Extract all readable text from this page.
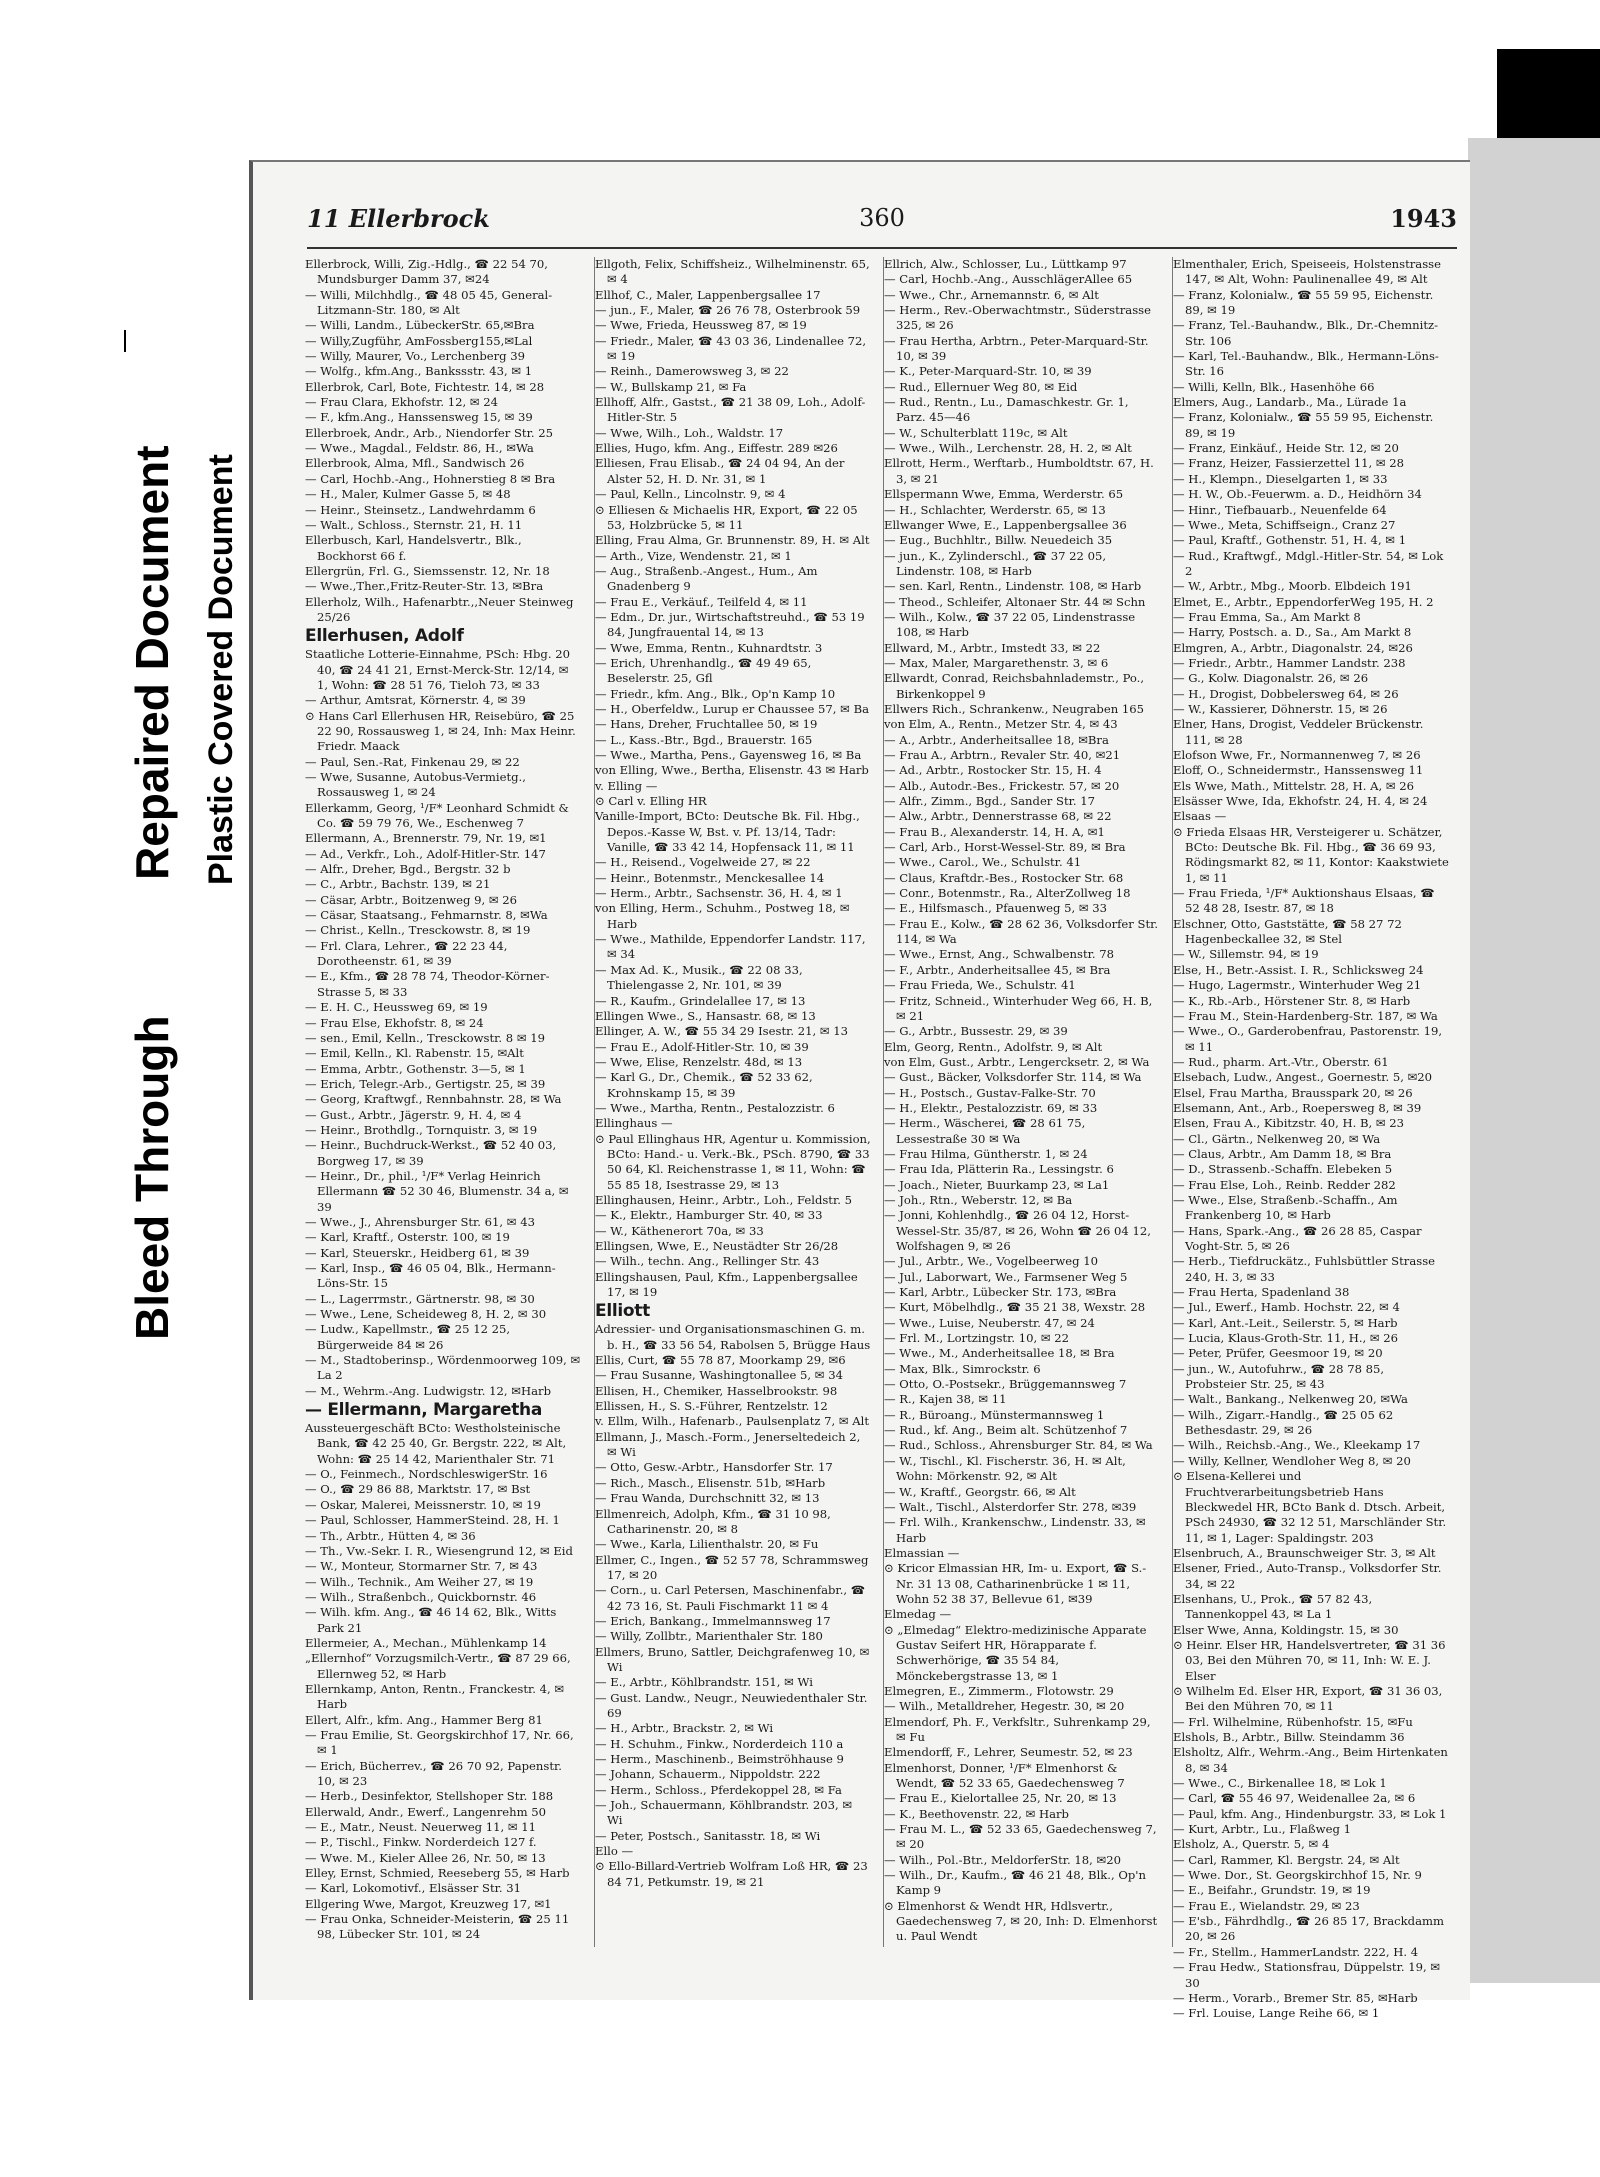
Bleed Through
Repaired Document Plastic Covered Document
11 Ellerbrock	360	1943

Ellerbrock, Willi, Zig.-Hdlg., ☎ 22 54 70, Mundsburger Damm 37, ✉24

— Willi, Milchhdlg., ☎ 48 05 45, General-Litzmann-Str. 180, ✉ Alt

— Willi, Landm., LübeckerStr. 65,✉Bra

— Willy,Zugführ, AmFossberg155,✉Lal

— Willy, Maurer, Vo., Lerchenberg 39

— Wolfg., kfm.Ang., Bankssstr. 43, ✉ 1

Ellerbrok, Carl, Bote, Fichtestr. 14, ✉ 28

— Frau Clara, Ekhofstr. 12, ✉ 24

— F., kfm.Ang., Hanssensweg 15, ✉ 39

Ellerbroek, Andr., Arb., Niendorfer Str. 25

— Wwe., Magdal., Feldstr. 86, H., ✉Wa

Ellerbrook, Alma, Mfl., Sandwisch 26

— Carl, Hochb.-Ang., Hohnerstieg 8 ✉ Bra

— H., Maler, Kulmer Gasse 5, ✉ 48

— Heinr., Steinsetz., Landwehrdamm 6

— Walt., Schloss., Sternstr. 21, H. 11

Ellerbusch, Karl, Handelsvertr., Blk., Bockhorst 66 f.

Ellergrün, Frl. G., Siemssenstr. 12, Nr. 18

— Wwe.,Ther.,Fritz-Reuter-Str. 13, ✉Bra

Ellerholz, Wilh., Hafenarbtr.,,Neuer Steinweg 25/26

Ellerhusen, Adolf

Staatliche Lotterie-Einnahme, PSch: Hbg. 20 40, ☎ 24 41 21, Ernst-Merck-Str. 12/14, ✉ 1, Wohn: ☎ 28 51 76, Tieloh 73, ✉ 33

— Arthur, Amtsrat, Körnerstr. 4, ✉ 39

⊙ Hans Carl Ellerhusen HR, Reisebüro, ☎ 25 22 90, Rossausweg 1, ✉ 24, Inh: Max Heinr. Friedr. Maack

— Paul, Sen.-Rat, Finkenau 29, ✉ 22

— Wwe, Susanne, Autobus-Vermietg., Rossausweg 1, ✉ 24

Ellerkamm, Georg, ¹/F* Leonhard Schmidt & Co. ☎ 59 79 76, We., Eschenweg 7

Ellermann, A., Brennerstr. 79, Nr. 19, ✉1

— Ad., Verkfr., Loh., Adolf-Hitler-Str. 147

— Alfr., Dreher, Bgd., Bergstr. 32 b

— C., Arbtr., Bachstr. 139, ✉ 21

— Cäsar, Arbtr., Boitzenweg 9, ✉ 26

— Cäsar, Staatsang., Fehmarnstr. 8, ✉Wa

— Christ., Kelln., Tresckowstr. 8, ✉ 19

— Frl. Clara, Lehrer., ☎ 22 23 44, Dorotheenstr. 61, ✉ 39

— E., Kfm., ☎ 28 78 74, Theodor-Körner-Strasse 5, ✉ 33

— E. H. C., Heussweg 69, ✉ 19

— Frau Else, Ekhofstr. 8, ✉ 24

— sen., Emil, Kelln., Tresckowstr. 8 ✉ 19

— Emil, Kelln., Kl. Rabenstr. 15, ✉Alt

— Emma, Arbtr., Gothenstr. 3—5, ✉ 1

— Erich, Telegr.-Arb., Gertigstr. 25, ✉ 39

— Georg, Kraftwgf., Rennbahnstr. 28, ✉ Wa

— Gust., Arbtr., Jägerstr. 9, H. 4, ✉ 4

— Heinr., Brothdlg., Tornquistr. 3, ✉ 19

— Heinr., Buchdruck-Werkst., ☎ 52 40 03, Borgweg 17, ✉ 39

— Heinr., Dr., phil., ¹/F* Verlag Heinrich Ellermann ☎ 52 30 46, Blumenstr. 34 a, ✉ 39

— Wwe., J., Ahrensburger Str. 61, ✉ 43

— Karl, Kraftf., Osterstr. 100, ✉ 19

— Karl, Steuerskr., Heidberg 61, ✉ 39

— Karl, Insp., ☎ 46 05 04, Blk., Hermann-Löns-Str. 15

— L., Lagerrmstr., Gärtnerstr. 98, ✉ 30

— Wwe., Lene, Scheideweg 8, H. 2, ✉ 30

— Ludw., Kapellmstr., ☎ 25 12 25, Bürgerweide 84 ✉ 26

— M., Stadtoberinsp., Wördenmoorweg 109, ✉ La 2

— M., Wehrm.-Ang. Ludwigstr. 12, ✉Harb

— Ellermann, Margaretha

Aussteuergeschäft BCto: Westholsteinische Bank, ☎ 42 25 40, Gr. Bergstr. 222, ✉ Alt, Wohn: ☎ 25 14 42, Marienthaler Str. 71

— O., Feinmech., NordschleswigerStr. 16

— O., ☎ 29 86 88, Marktstr. 17, ✉ Bst

— Oskar, Malerei, Meissnerstr. 10, ✉ 19

— Paul, Schlosser, HammerSteind. 28, H. 1

— Th., Arbtr., Hütten 4, ✉ 36

— Th., Vw.-Sekr. I. R., Wiesengrund 12, ✉ Eid

— W., Monteur, Stormarner Str. 7, ✉ 43

— Wilh., Technik., Am Weiher 27, ✉ 19

— Wilh., Straßenbch., Quickbornstr. 46

— Wilh. kfm. Ang., ☎ 46 14 62, Blk., Witts Park 21

Ellermeier, A., Mechan., Mühlenkamp 14

„Ellernhof“ Vorzugsmilch-Vertr., ☎ 87 29 66, Ellernweg 52, ✉ Harb

Ellernkamp, Anton, Rentn., Franckestr. 4, ✉ Harb

Ellert, Alfr., kfm. Ang., Hammer Berg 81

— Frau Emilie, St. Georgskirchhof 17, Nr. 66, ✉ 1

— Erich, Bücherrev., ☎ 26 70 92, Papenstr. 10, ✉ 23

— Herb., Desinfektor, Stellshoper Str. 188

Ellerwald, Andr., Ewerf., Langenrehm 50

— E., Matr., Neust. Neuerweg 11, ✉ 11

— P., Tischl., Finkw. Norderdeich 127 f.

— Wwe. M., Kieler Allee 26, Nr. 50, ✉ 13

Elley, Ernst, Schmied, Reeseberg 55, ✉ Harb

— Karl, Lokomotivf., Elsässer Str. 31

Ellgering Wwe, Margot, Kreuzweg 17, ✉1

— Frau Onka, Schneider-Meisterin, ☎ 25 11 98, Lübecker Str. 101, ✉ 24

Ellgoth, Felix, Schiffsheiz., Wilhelminenstr. 65, ✉ 4

Ellhof, C., Maler, Lappenbergsallee 17

— jun., F., Maler, ☎ 26 76 78, Osterbrook 59

— Wwe, Frieda, Heussweg 87, ✉ 19

— Friedr., Maler, ☎ 43 03 36, Lindenallee 72, ✉ 19

— Reinh., Damerowsweg 3, ✉ 22

— W., Bullskamp 21, ✉ Fa

Ellhoff, Alfr., Gastst., ☎ 21 38 09, Loh., Adolf-Hitler-Str. 5

— Wwe, Wilh., Loh., Waldstr. 17

Ellies, Hugo, kfm. Ang., Eiffestr. 289 ✉26

Elliesen, Frau Elisab., ☎ 24 04 94, An der Alster 52, H. D. Nr. 31, ✉ 1

— Paul, Kelln., Lincolnstr. 9, ✉ 4

⊙ Elliesen & Michaelis HR, Export, ☎ 22 05 53, Holzbrücke 5, ✉ 11

Elling, Frau Alma, Gr. Brunnenstr. 89, H. ✉ Alt

— Arth., Vize, Wendenstr. 21, ✉ 1

— Aug., Straßenb.-Angest., Hum., Am Gnadenberg 9

— Frau E., Verkäuf., Teilfeld 4, ✉ 11

— Edm., Dr. jur., Wirtschaftstreuhd., ☎ 53 19 84, Jungfrauental 14, ✉ 13

— Wwe, Emma, Rentn., Kuhnardtstr. 3

— Erich, Uhrenhandlg., ☎ 49 49 65, Beselerstr. 25, Gfl

— Friedr., kfm. Ang., Blk., Op'n Kamp 10

— H., Oberfeldw., Lurup er Chaussee 57, ✉ Ba

— Hans, Dreher, Fruchtallee 50, ✉ 19

— L., Kass.-Btr., Bgd., Brauerstr. 165

— Wwe., Martha, Pens., Gayensweg 16, ✉ Ba

von Elling, Wwe., Bertha, Elisenstr. 43 ✉ Harb

v. Elling —

⊙ Carl v. Elling HR

Vanille-Import, BCto: Deutsche Bk. Fil. Hbg., Depos.-Kasse W, Bst. v. Pf. 13/14, Tadr: Vanille, ☎ 33 42 14, Hopfensack 11, ✉ 11

— H., Reisend., Vogelweide 27, ✉ 22

— Heinr., Botenmstr., Menckesallee 14

— Herm., Arbtr., Sachsenstr. 36, H. 4, ✉ 1

von Elling, Herm., Schuhm., Postweg 18, ✉ Harb

— Wwe., Mathilde, Eppendorfer Landstr. 117, ✉ 34

— Max Ad. K., Musik., ☎ 22 08 33, Thielengasse 2, Nr. 101, ✉ 39

— R., Kaufm., Grindelallee 17, ✉ 13

Ellingen Wwe., S., Hansastr. 68, ✉ 13

Ellinger, A. W., ☎ 55 34 29 Isestr. 21, ✉ 13

— Frau E., Adolf-Hitler-Str. 10, ✉ 39

— Wwe, Elise, Renzelstr. 48d, ✉ 13

— Karl G., Dr., Chemik., ☎ 52 33 62, Krohnskamp 15, ✉ 39

— Wwe., Martha, Rentn., Pestalozzistr. 6

Ellinghaus —

⊙ Paul Ellinghaus HR, Agentur u. Kommission, BCto: Hand.- u. Verk.-Bk., PSch. 8790, ☎ 33 50 64, Kl. Reichenstrasse 1, ✉ 11, Wohn: ☎ 55 85 18, Isestrasse 29, ✉ 13

Ellinghausen, Heinr., Arbtr., Loh., Feldstr. 5

— K., Elektr., Hamburger Str. 40, ✉ 33

— W., Käthenerort 70a, ✉ 33

Ellingsen, Wwe, E., Neustädter Str 26/28

— Wilh., techn. Ang., Rellinger Str. 43

Ellingshausen, Paul, Kfm., Lappenbergsallee 17, ✉ 19

Elliott

Adressier- und Organisationsmaschinen G. m. b. H., ☎ 33 56 54, Rabolsen 5, Brügge Haus

Ellis, Curt, ☎ 55 78 87, Moorkamp 29, ✉6

— Frau Susanne, Washingtonallee 5, ✉ 34

Ellisen, H., Chemiker, Hasselbrookstr. 98

Ellissen, H., S. S.-Führer, Rentzelstr. 12

v. Ellm, Wilh., Hafenarb., Paulsenplatz 7, ✉ Alt

Ellmann, J., Masch.-Form., Jenerseltedeich 2, ✉ Wi

— Otto, Gesw.-Arbtr., Hansdorfer Str. 17

— Rich., Masch., Elisenstr. 51b, ✉Harb

— Frau Wanda, Durchschnitt 32, ✉ 13

Ellmenreich, Adolph, Kfm., ☎ 31 10 98, Catharinenstr. 20, ✉ 8

— Wwe., Karla, Lilienthalstr. 20, ✉ Fu

Ellmer, C., Ingen., ☎ 52 57 78, Schrammsweg 17, ✉ 20

— Corn., u. Carl Petersen, Maschinenfabr., ☎ 42 73 16, St. Pauli Fischmarkt 11 ✉ 4

— Erich, Bankang., Immelmannsweg 17

— Willy, Zollbtr., Marienthaler Str. 180

Ellmers, Bruno, Sattler, Deichgrafenweg 10, ✉ Wi

— E., Arbtr., Köhlbrandstr. 151, ✉ Wi

— Gust. Landw., Neugr., Neuwiedenthaler Str. 69

— H., Arbtr., Brackstr. 2, ✉ Wi

— H. Schuhm., Finkw., Norderdeich 110 a

— Herm., Maschinenb., Beimströhhause 9

— Johann, Schauerm., Nippoldstr. 222

— Herm., Schloss., Pferdekoppel 28, ✉ Fa

— Joh., Schauermann, Köhlbrandstr. 203, ✉ Wi

— Peter, Postsch., Sanitasstr. 18, ✉ Wi

Ello —

⊙ Ello-Billard-Vertrieb Wolfram Loß HR, ☎ 23 84 71, Petkumstr. 19, ✉ 21

Ellrich, Alw., Schlosser, Lu., Lüttkamp 97

— Carl, Hochb.-Ang., AusschlägerAllee 65

— Wwe., Chr., Arnemannstr. 6, ✉ Alt

— Herm., Rev.-Oberwachtmstr., Süderstrasse 325, ✉ 26

— Frau Hertha, Arbtrn., Peter-Marquard-Str. 10, ✉ 39

— K., Peter-Marquard-Str. 10, ✉ 39

— Rud., Ellernuer Weg 80, ✉ Eid

— Rud., Rentn., Lu., Damaschkestr. Gr. 1, Parz. 45—46

— W., Schulterblatt 119c, ✉ Alt

— Wwe., Wilh., Lerchenstr. 28, H. 2, ✉ Alt

Ellrott, Herm., Werftarb., Humboldtstr. 67, H. 3, ✉ 21

Ellspermann Wwe, Emma, Werderstr. 65

— H., Schlachter, Werderstr. 65, ✉ 13

Ellwanger Wwe, E., Lappenbergsallee 36

— Eug., Buchhltr., Billw. Neuedeich 35

— jun., K., Zylinderschl., ☎ 37 22 05, Lindenstr. 108, ✉ Harb

— sen. Karl, Rentn., Lindenstr. 108, ✉ Harb

— Theod., Schleifer, Altonaer Str. 44 ✉ Schn

— Wilh., Kolw., ☎ 37 22 05, Lindenstrasse 108, ✉ Harb

Ellward, M., Arbtr., Imstedt 33, ✉ 22

— Max, Maler, Margarethenstr. 3, ✉ 6

Ellwardt, Conrad, Reichsbahnlademstr., Po., Birkenkoppel 9

Ellwers Rich., Schrankenw., Neugraben 165

von Elm, A., Rentn., Metzer Str. 4, ✉ 43

— A., Arbtr., Anderheitsallee 18, ✉Bra

— Frau A., Arbtrn., Revaler Str. 40, ✉21

— Ad., Arbtr., Rostocker Str. 15, H. 4

— Alb., Autodr.-Bes., Frickestr. 57, ✉ 20

— Alfr., Zimm., Bgd., Sander Str. 17

— Alw., Arbtr., Dennerstrasse 68, ✉ 22

— Frau B., Alexanderstr. 14, H. A, ✉1

— Carl, Arb., Horst-Wessel-Str. 89, ✉ Bra

— Wwe., Carol., We., Schulstr. 41

— Claus, Kraftdr.-Bes., Rostocker Str. 68

— Conr., Botenmstr., Ra., AlterZollweg 18

— E., Hilfsmasch., Pfauenweg 5, ✉ 33

— Frau E., Kolw., ☎ 28 62 36, Volksdorfer Str. 114, ✉ Wa

— Wwe., Ernst, Ang., Schwalbenstr. 78

— F., Arbtr., Anderheitsallee 45, ✉ Bra

— Frau Frieda, We., Schulstr. 41

— Fritz, Schneid., Winterhuder Weg 66, H. B, ✉ 21

— G., Arbtr., Bussestr. 29, ✉ 39

Elm, Georg, Rentn., Adolfstr. 9, ✉ Alt

von Elm, Gust., Arbtr., Lengercksetr. 2, ✉ Wa

— Gust., Bäcker, Volksdorfer Str. 114, ✉ Wa

— H., Postsch., Gustav-Falke-Str. 70

— H., Elektr., Pestalozzistr. 69, ✉ 33

— Herm., Wäscherei, ☎ 28 61 75, Lessestraße 30 ✉ Wa

— Frau Hilma, Güntherstr. 1, ✉ 24

— Frau Ida, Plätterin Ra., Lessingstr. 6

— Joach., Nieter, Buurkamp 23, ✉ La1

— Joh., Rtn., Weberstr. 12, ✉ Ba

— Jonni, Kohlenhdlg., ☎ 26 04 12, Horst-Wessel-Str. 35/87, ✉ 26, Wohn ☎ 26 04 12, Wolfshagen 9, ✉ 26

— Jul., Arbtr., We., Vogelbeerweg 10

— Jul., Laborwart, We., Farmsener Weg 5

— Karl, Arbtr., Lübecker Str. 173, ✉Bra

— Kurt, Möbelhdlg., ☎ 35 21 38, Wexstr. 28

— Wwe., Luise, Neuberstr. 47, ✉ 24

— Frl. M., Lortzingstr. 10, ✉ 22

— Wwe., M., Anderheitsallee 18, ✉ Bra

— Max, Blk., Simrockstr. 6

— Otto, O.-Postsekr., Brüggemannsweg 7

— R., Kajen 38, ✉ 11

— R., Büroang., Münstermannsweg 1

— Rud., kf. Ang., Beim alt. Schützenhof 7

— Rud., Schloss., Ahrensburger Str. 84, ✉ Wa

— W., Tischl., Kl. Fischerstr. 36, H. ✉ Alt, Wohn: Mörkenstr. 92, ✉ Alt

— W., Kraftf., Georgstr. 66, ✉ Alt

— Walt., Tischl., Alsterdorfer Str. 278, ✉39

— Frl. Wilh., Krankenschw., Lindenstr. 33, ✉ Harb

Elmassian —

⊙ Kricor Elmassian HR, Im- u. Export, ☎ S.-Nr. 31 13 08, Catharinenbrücke 1 ✉ 11, Wohn 52 38 37, Bellevue 61, ✉39

Elmedag —

⊙ „Elmedag“ Elektro-medizinische Apparate Gustav Seifert HR, Hörapparate f. Schwerhörige, ☎ 35 54 84, Mönckebergstrasse 13, ✉ 1

Elmegren, E., Zimmerm., Flotowstr. 29

— Wilh., Metalldreher, Hegestr. 30, ✉ 20

Elmendorf, Ph. F., Verkfsltr., Suhrenkamp 29, ✉ Fu

Elmendorff, F., Lehrer, Seumestr. 52, ✉ 23

Elmenhorst, Donner, ¹/F* Elmenhorst & Wendt, ☎ 52 33 65, Gaedechensweg 7

— Frau E., Kielortallee 25, Nr. 20, ✉ 13

— K., Beethovenstr. 22, ✉ Harb

— Frau M. L., ☎ 52 33 65, Gaedechensweg 7, ✉ 20

— Wilh., Pol.-Btr., MeldorferStr. 18, ✉20

— Wilh., Dr., Kaufm., ☎ 46 21 48, Blk., Op'n Kamp 9

⊙ Elmenhorst & Wendt HR, Hdlsvertr., Gaedechensweg 7, ✉ 20, Inh: D. Elmenhorst u. Paul Wendt

Elmenthaler, Erich, Speiseeis, Holstenstrasse 147, ✉ Alt, Wohn: Paulinenallee 49, ✉ Alt

— Franz, Kolonialw., ☎ 55 59 95, Eichenstr. 89, ✉ 19

— Franz, Tel.-Bauhandw., Blk., Dr.-Chemnitz-Str. 106

— Karl, Tel.-Bauhandw., Blk., Hermann-Löns-Str. 16

— Willi, Kelln, Blk., Hasenhöhe 66

Elmers, Aug., Landarb., Ma., Lürade 1a

— Franz, Kolonialw., ☎ 55 59 95, Eichenstr. 89, ✉ 19

— Franz, Einkäuf., Heide Str. 12, ✉ 20

— Franz, Heizer, Fassierzettel 11, ✉ 28

— H., Klempn., Dieselgarten 1, ✉ 33

— H. W., Ob.-Feuerwm. a. D., Heidhörn 34

— Hinr., Tiefbauarb., Neuenfelde 64

— Wwe., Meta, Schiffseign., Cranz 27

— Paul, Kraftf., Gothenstr. 51, H. 4, ✉ 1

— Rud., Kraftwgf., Mdgl.-Hitler-Str. 54, ✉ Lok 2

— W., Arbtr., Mbg., Moorb. Elbdeich 191

Elmet, E., Arbtr., EppendorferWeg 195, H. 2

— Frau Emma, Sa., Am Markt 8

— Harry, Postsch. a. D., Sa., Am Markt 8

Elmgren, A., Arbtr., Diagonalstr. 24, ✉26

— Friedr., Arbtr., Hammer Landstr. 238

— G., Kolw. Diagonalstr. 26, ✉ 26

— H., Drogist, Dobbelersweg 64, ✉ 26

— W., Kassierer, Döhnerstr. 15, ✉ 26

Elner, Hans, Drogist, Veddeler Brückenstr. 111, ✉ 28

Elofson Wwe, Fr., Normannenweg 7, ✉ 26

Eloff, O., Schneidermstr., Hanssensweg 11

Els Wwe, Math., Mittelstr. 28, H. A, ✉ 26

Elsässer Wwe, Ida, Ekhofstr. 24, H. 4, ✉ 24

Elsaas —

⊙ Frieda Elsaas HR, Versteigerer u. Schätzer, BCto: Deutsche Bk. Fil. Hbg., ☎ 36 69 93, Rödingsmarkt 82, ✉ 11, Kontor: Kaakstwiete 1, ✉ 11

— Frau Frieda, ¹/F* Auktionshaus Elsaas, ☎ 52 48 28, Isestr. 87, ✉ 18

Elschner, Otto, Gaststätte, ☎ 58 27 72 Hagenbeckallee 32, ✉ Stel

— W., Sillemstr. 94, ✉ 19

Else, H., Betr.-Assist. I. R., Schlicksweg 24

— Hugo, Lagermstr., Winterhuder Weg 21

— K., Rb.-Arb., Hörstener Str. 8, ✉ Harb

— Frau M., Stein-Hardenberg-Str. 187, ✉ Wa

— Wwe., O., Garderobenfrau, Pastorenstr. 19, ✉ 11

— Rud., pharm. Art.-Vtr., Oberstr. 61

Elsebach, Ludw., Angest., Goernestr. 5, ✉20

Elsel, Frau Martha, Brausspark 20, ✉ 26

Elsemann, Ant., Arb., Roepersweg 8, ✉ 39

Elsen, Frau A., Kibitzstr. 40, H. B, ✉ 23

— Cl., Gärtn., Nelkenweg 20, ✉ Wa

— Claus, Arbtr., Am Damm 18, ✉ Bra

— D., Strassenb.-Schaffn. Elebeken 5

— Frau Else, Loh., Reinb. Redder 282

— Wwe., Else, Straßenb.-Schaffn., Am Frankenberg 10, ✉ Harb

— Hans, Spark.-Ang., ☎ 26 28 85, Caspar Voght-Str. 5, ✉ 26

— Herb., Tiefdruckätz., Fuhlsbüttler Strasse 240, H. 3, ✉ 33

— Frau Herta, Spadenland 38

— Jul., Ewerf., Hamb. Hochstr. 22, ✉ 4

— Karl, Ant.-Leit., Seilerstr. 5, ✉ Harb

— Lucia, Klaus-Groth-Str. 11, H., ✉ 26

— Peter, Prüfer, Geesmoor 19, ✉ 20

— jun., W., Autofuhrw., ☎ 28 78 85, Probsteier Str. 25, ✉ 43

— Walt., Bankang., Nelkenweg 20, ✉Wa

— Wilh., Zigarr.-Handlg., ☎ 25 05 62 Bethesdastr. 29, ✉ 26

— Wilh., Reichsb.-Ang., We., Kleekamp 17

— Willy, Kellner, Wendloher Weg 8, ✉ 20

⊙ Elsena-Kellerei und Fruchtverarbeitungsbetrieb Hans Bleckwedel HR, BCto Bank d. Dtsch. Arbeit, PSch 24930, ☎ 32 12 51, Marschländer Str. 11, ✉ 1, Lager: Spaldingstr. 203

Elsenbruch, A., Braunschweiger Str. 3, ✉ Alt

Elsener, Fried., Auto-Transp., Volksdorfer Str. 34, ✉ 22

Elsenhans, U., Prok., ☎ 57 82 43, Tannenkoppel 43, ✉ La 1

Elser Wwe, Anna, Koldingstr. 15, ✉ 30

⊙ Heinr. Elser HR, Handelsvertreter, ☎ 31 36 03, Bei den Mühren 70, ✉ 11, Inh: W. E. J. Elser

⊙ Wilhelm Ed. Elser HR, Export, ☎ 31 36 03, Bei den Mühren 70, ✉ 11

— Frl. Wilhelmine, Rübenhofstr. 15, ✉Fu

Elshols, B., Arbtr., Billw. Steindamm 36

Elsholtz, Alfr., Wehrm.-Ang., Beim Hirtenkaten 8, ✉ 34

— Wwe., C., Birkenallee 18, ✉ Lok 1

— Carl, ☎ 55 46 97, Weidenallee 2a, ✉ 6

— Paul, kfm. Ang., Hindenburgstr. 33, ✉ Lok 1

— Kurt, Arbtr., Lu., Flaßweg 1

Elsholz, A., Querstr. 5, ✉ 4

— Carl, Rammer, Kl. Bergstr. 24, ✉ Alt

— Wwe. Dor., St. Georgskirchhof 15, Nr. 9

— E., Beifahr., Grundstr. 19, ✉ 19

— Frau E., Wielandstr. 29, ✉ 23

— E'sb., Fährdhdlg., ☎ 26 85 17, Brackdamm 20, ✉ 26

— Fr., Stellm., HammerLandstr. 222, H. 4

— Frau Hedw., Stationsfrau, Düppelstr. 19, ✉ 30

— Herm., Vorarb., Bremer Str. 85, ✉Harb

— Frl. Louise, Lange Reihe 66, ✉ 1
